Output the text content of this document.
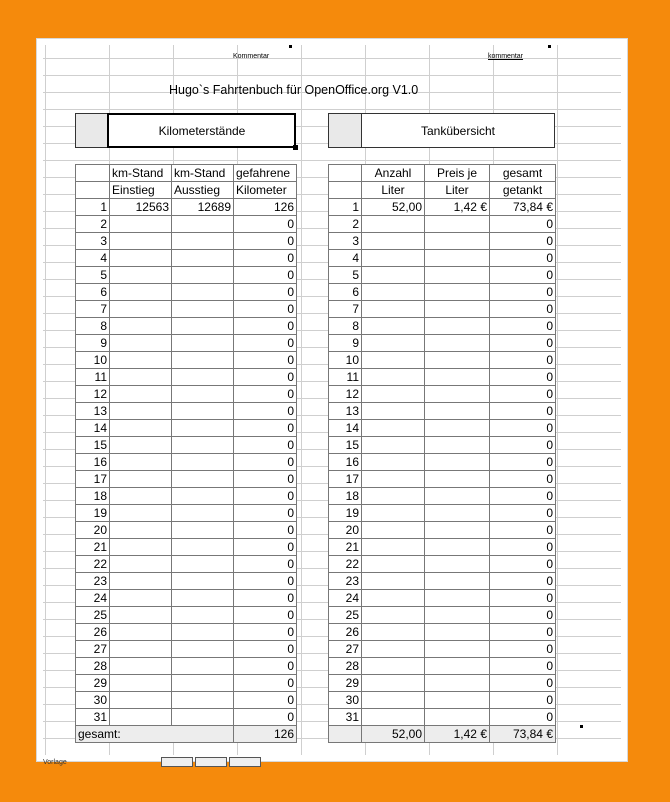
Kommentar	kommentar
Hugo`s Fahrtenbuch für OpenOffice.org V1.0
Kilometerstände	Tankübersicht
	km-Stand	km-Stand	gefahrene
	Einstieg	Ausstieg	Kilometer
1	12563	12689	126
2			0
3			0
4			0
5			0
6			0
7			0
8			0
9			0
10			0
11			0
12			0
13			0
14			0
15			0
16			0
17			0
18			0
19			0
20			0
21			0
22			0
23			0
24			0
25			0
26			0
27			0
28			0
29			0
30			0
31			0
gesamt:			126
	Anzahl	Preis je	gesamt
	Liter	Liter	getankt
1	52,00	1,42 €	73,84 €
2			0
3			0
4			0
5			0
6			0
7			0
8			0
9			0
10			0
11			0
12			0
13			0
14			0
15			0
16			0
17			0
18			0
19			0
20			0
21			0
22			0
23			0
24			0
25			0
26			0
27			0
28			0
29			0
30			0
31			0
	52,00	1,42 €	73,84 €
Vorlage
